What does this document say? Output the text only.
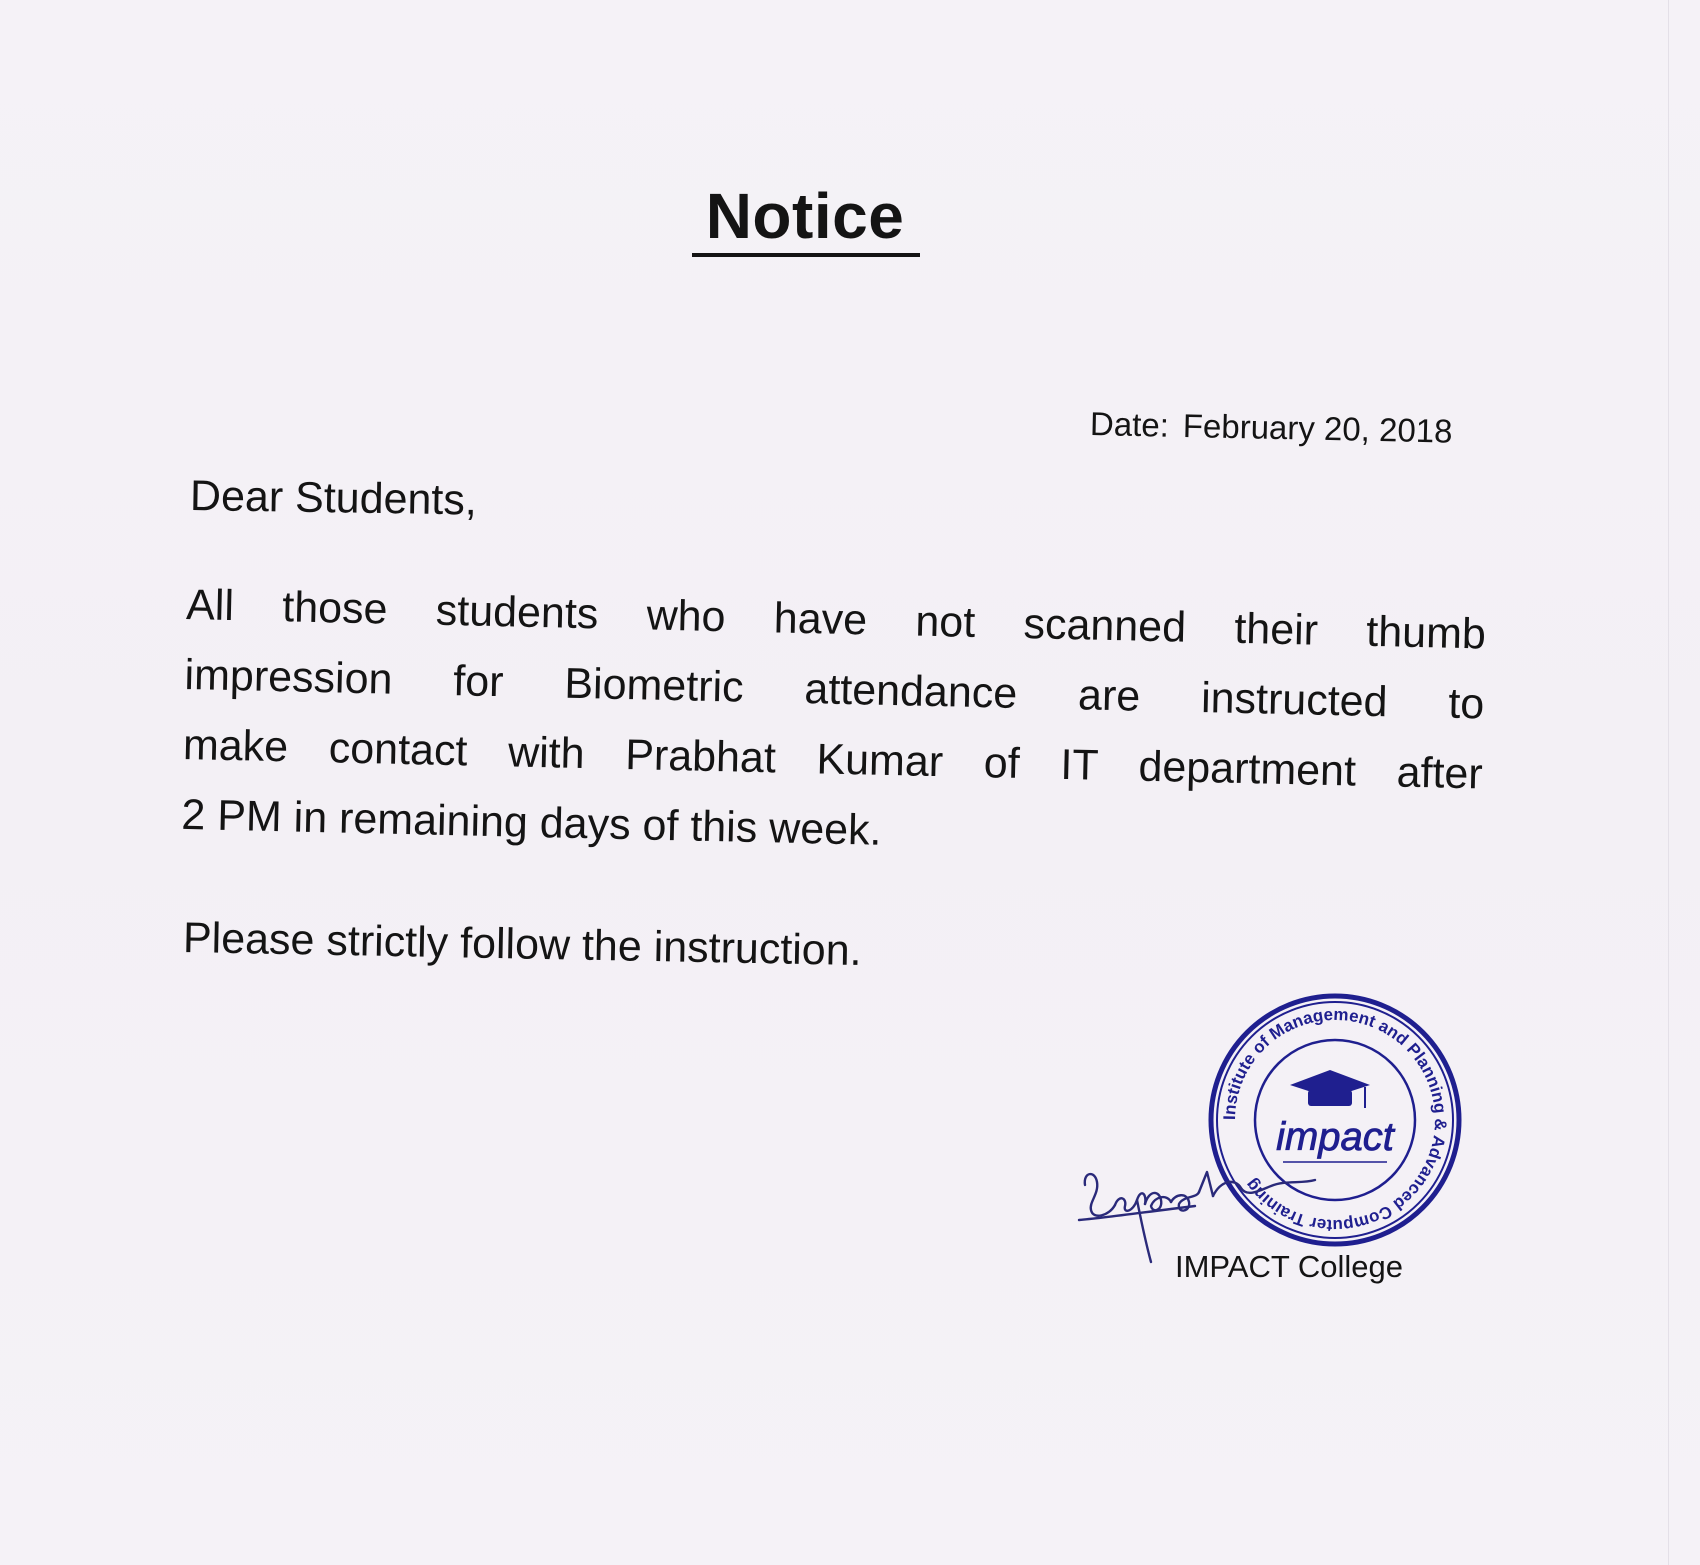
Notice
Date: February 20, 2018
Dear Students,
All those students who have not scanned their thumb
impression for Biometric attendance are instructed to
make contact with Prabhat Kumar of IT department after
2 PM in remaining days of this week.
Please strictly follow the instruction.
Institute of Management and Planning & Advanced Computer Training
impact
IMPACT College
